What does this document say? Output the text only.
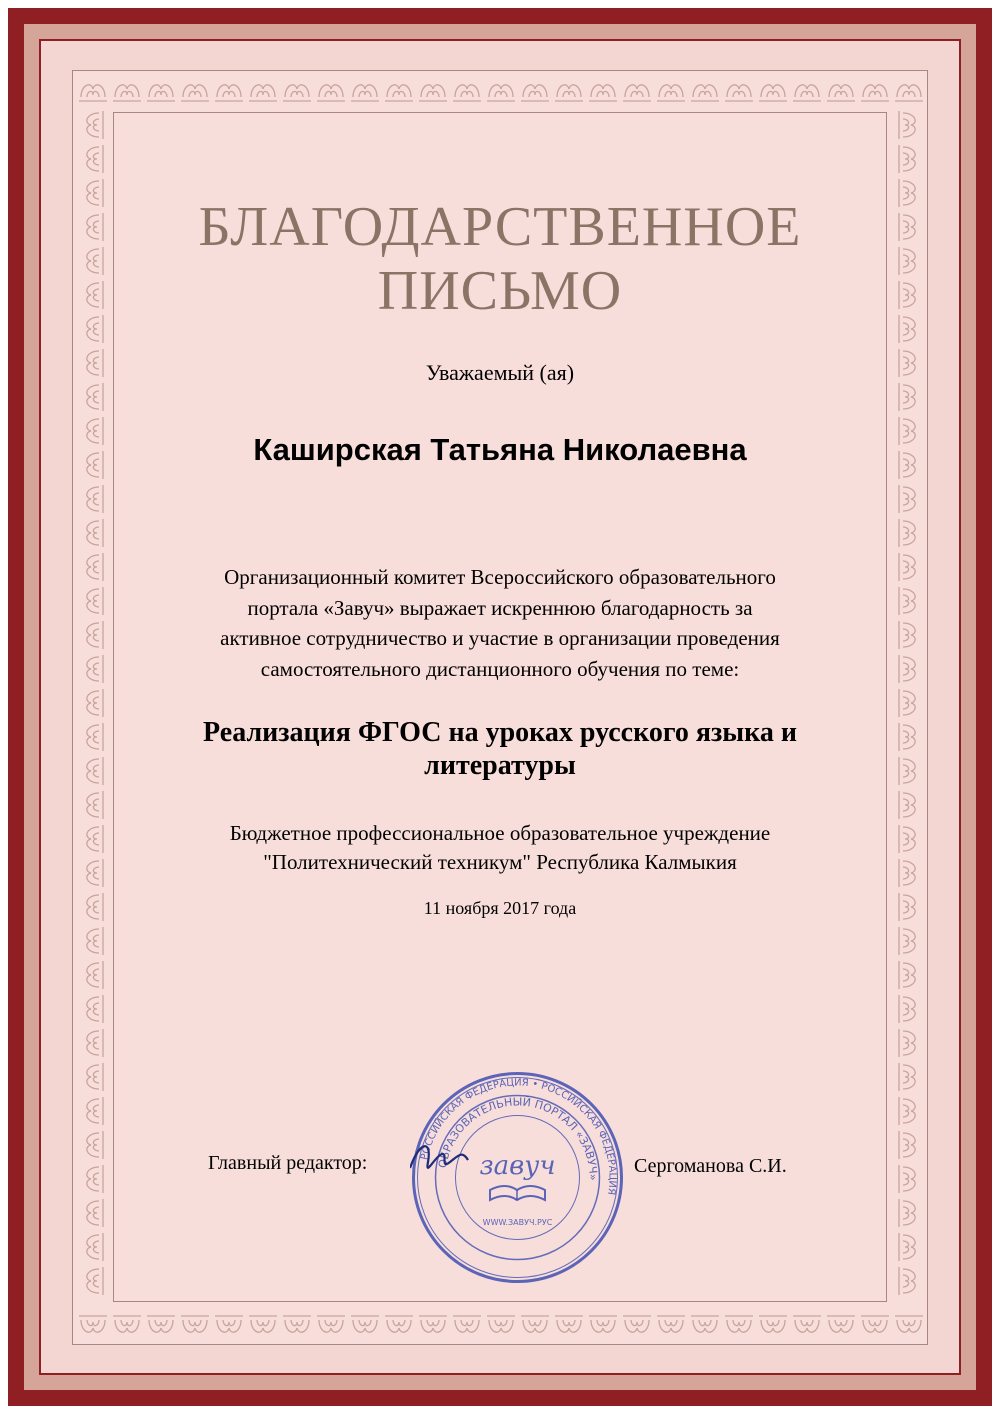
БЛАГОДАРСТВЕННОЕ
ПИСЬМО
Уважаемый (ая)
Каширская Татьяна Николаевна
Организационный комитет Всероссийского образовательного
портала «Завуч» выражает искреннюю благодарность за
активное сотрудничество и участие в организации проведения
самостоятельного дистанционного обучения по теме:
Реализация ФГОС на уроках русского языка и
литературы
Бюджетное профессиональное образовательное учреждение
"Политехнический техникум" Республика Калмыкия
11 ноября 2017 года
Главный редактор:	РОССИЙСКАЯ ФЕДЕРАЦИЯ • РОССИЙСКАЯ ФЕДЕРАЦИЯ
ОБРАЗОВАТЕЛЬНЫЙ ПОРТАЛ «ЗАВУЧ»
завуч
WWW.ЗАВУЧ.РУС
Сергоманова С.И.
